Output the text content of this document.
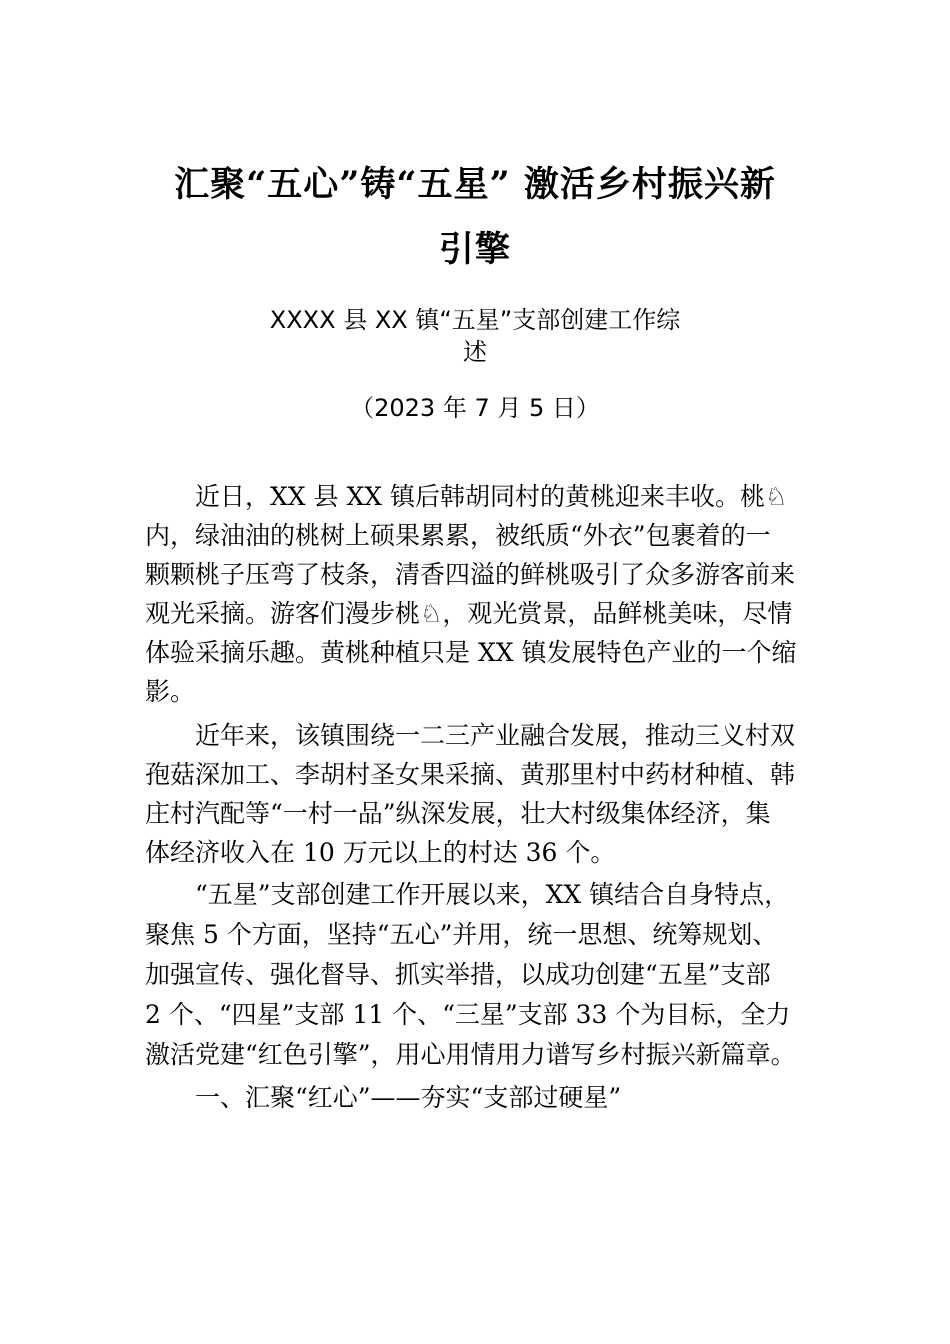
汇聚“五心”铸“五星” 激活乡村振兴新
引擎
XXXX 县 XX 镇“五星”支部创建工作综
述
（2023 年 7 月 5 日）
　　近日，XX 县 XX 镇后韩胡同村的黄桃迎来丰收。桃♘
内，绿油油的桃树上硕果累累，被纸质“外衣”包裹着的一
颗颗桃子压弯了枝条，清香四溢的鲜桃吸引了众多游客前来
观光采摘。游客们漫步桃♘，观光赏景，品鲜桃美味，尽情
体验采摘乐趣。黄桃种植只是 XX 镇发展特色产业的一个缩
影。
　　近年来，该镇围绕一二三产业融合发展，推动三义村双
孢菇深加工、李胡村圣女果采摘、黄那里村中药材种植、韩
庄村汽配等“一村一品”纵深发展，壮大村级集体经济，集
体经济收入在 10 万元以上的村达 36 个。
　　“五星”支部创建工作开展以来，XX 镇结合自身特点，
聚焦 5 个方面，坚持“五心”并用，统一思想、统筹规划、
加强宣传、强化督导、抓实举措，以成功创建“五星”支部
2 个、“四星”支部 11 个、“三星”支部 33 个为目标，全力
激活党建“红色引擎”，用心用情用力谱写乡村振兴新篇章。
　　一、汇聚“红心”——夯实“支部过硬星”
